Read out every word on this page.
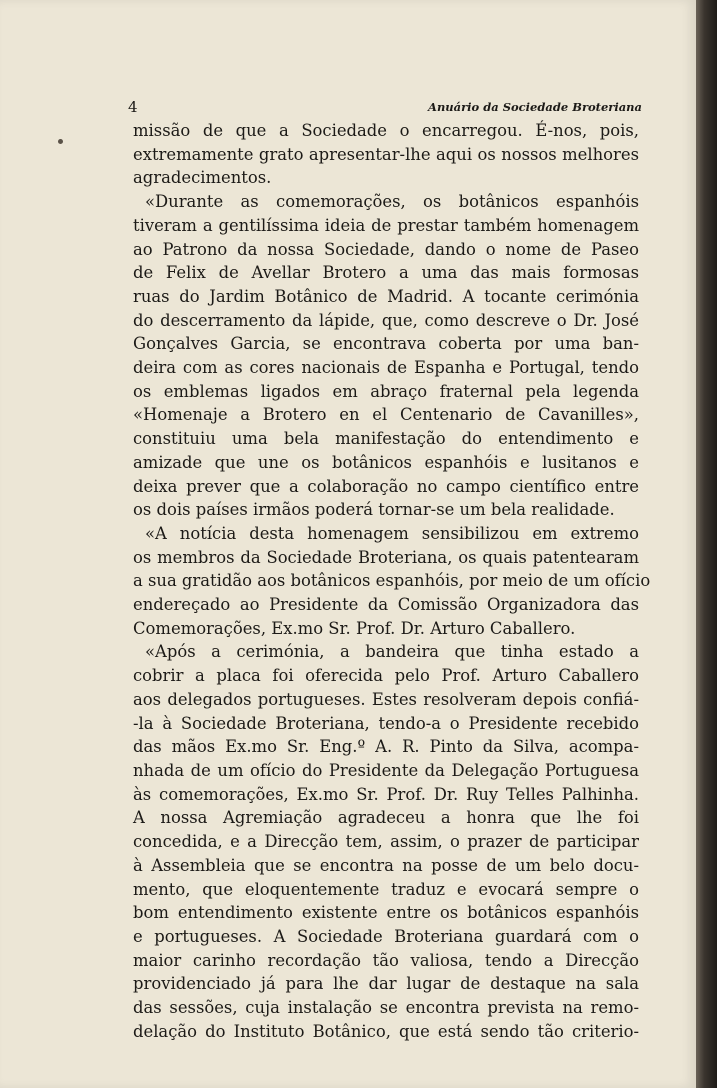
4	Anuário da Sociedade Broteriana
missão de que a Sociedade o encarregou. É-nos, pois,
extremamente grato apresentar-lhe aqui os nossos melhores
agradecimentos.
«Durante as comemorações, os botânicos espanhóis
tiveram a gentilíssima ideia de prestar também homenagem
ao Patrono da nossa Sociedade, dando o nome de Paseo
de Felix de Avellar Brotero a uma das mais formosas
ruas do Jardim Botânico de Madrid. A tocante cerimónia
do descerramento da lápide, que, como descreve o Dr. José
Gonçalves Garcia, se encontrava coberta por uma ban-
deira com as cores nacionais de Espanha e Portugal, tendo
os emblemas ligados em abraço fraternal pela legenda
«Homenaje a Brotero en el Centenario de Cavanilles»,
constituiu uma bela manifestação do entendimento e
amizade que une os botânicos espanhóis e lusitanos e
deixa prever que a colaboração no campo científico entre
os dois países irmãos poderá tornar-se um bela realidade.
«A notícia desta homenagem sensibilizou em extremo
os membros da Sociedade Broteriana, os quais patentearam
a sua gratidão aos botânicos espanhóis, por meio de um ofício
endereçado ao Presidente da Comissão Organizadora das
Comemorações, Ex.mo Sr. Prof. Dr. Arturo Caballero.
«Após a cerimónia, a bandeira que tinha estado a
cobrir a placa foi oferecida pelo Prof. Arturo Caballero
aos delegados portugueses. Estes resolveram depois confiá-
-la à Sociedade Broteriana, tendo-a o Presidente recebido
das mãos Ex.mo Sr. Eng.º A. R. Pinto da Silva, acompa-
nhada de um ofício do Presidente da Delegação Portuguesa
às comemorações, Ex.mo Sr. Prof. Dr. Ruy Telles Palhinha.
A nossa Agremiação agradeceu a honra que lhe foi
concedida, e a Direcção tem, assim, o prazer de participar
à Assembleia que se encontra na posse de um belo docu-
mento, que eloquentemente traduz e evocará sempre o
bom entendimento existente entre os botânicos espanhóis
e portugueses. A Sociedade Broteriana guardará com o
maior carinho recordação tão valiosa, tendo a Direcção
providenciado já para lhe dar lugar de destaque na sala
das sessões, cuja instalação se encontra prevista na remo-
delação do Instituto Botânico, que está sendo tão criterio-
